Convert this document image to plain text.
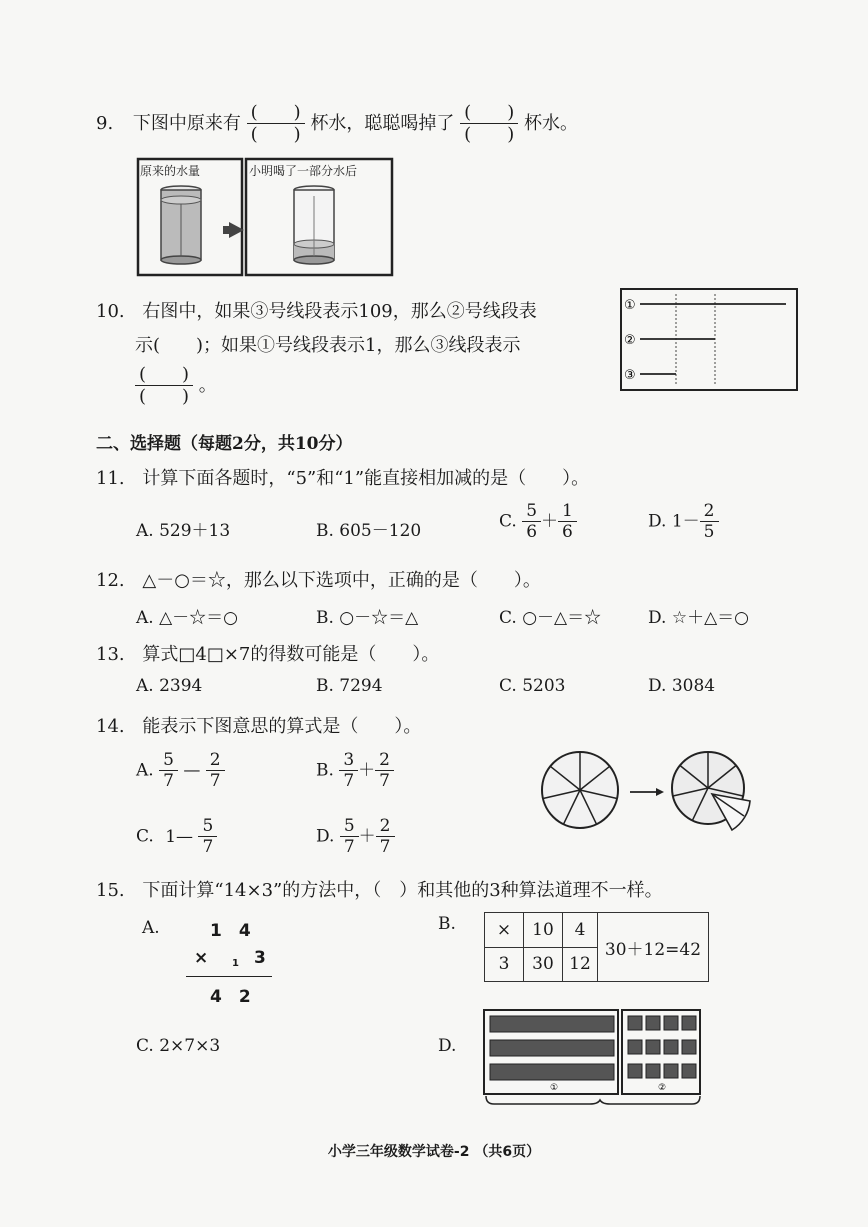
9. 下图中原来有 $\frac{( )}{( )}$ 杯水，聪聪喝掉了 $\frac{( )}{( )}$ 杯水。
原来的水量	小明喝了一部分水后
10. 右图中，如果③号线段表示109，那么②号线段表
示(　　)；如果①号线段表示1，那么③线段表示
$\frac{( )}{( )}$ 。
①
②
③
二、选择题（每题2分，共10分）
11. 计算下面各题时，“5”和“1”能直接相加减的是（　　）。
A. 529＋13	B. 605－120	C. $\frac{5}{6} + \frac{1}{6}$	D. $1- \frac{2}{5}$
12. △－○＝☆，那么以下选项中，正确的是（　　）。
A. △－☆＝○	B. ○－☆＝△	C. ○－△＝☆	D. ☆＋△＝○
13. 算式□4□×7的得数可能是（　　）。
A. 2394	B. 7294	C. 5203	D. 3084
14. 能表示下图意思的算式是（　　）。
A. $\frac{5}{7}$ — $\frac{2}{7}$	B. $\frac{3}{7} + \frac{2}{7}$
C. 1— $\frac{5}{7}$	D. $\frac{5}{7} + \frac{2}{7}$
15. 下面计算“14×3”的方法中，（　）和其他的3种算法道理不一样。
A.	1　4
× 1 3
4　2
B. ×	10	4	30＋12=42
3	30	12	
C. 2×7×3	D.
①	②
小学三年级数学试卷-2 （共6页）
